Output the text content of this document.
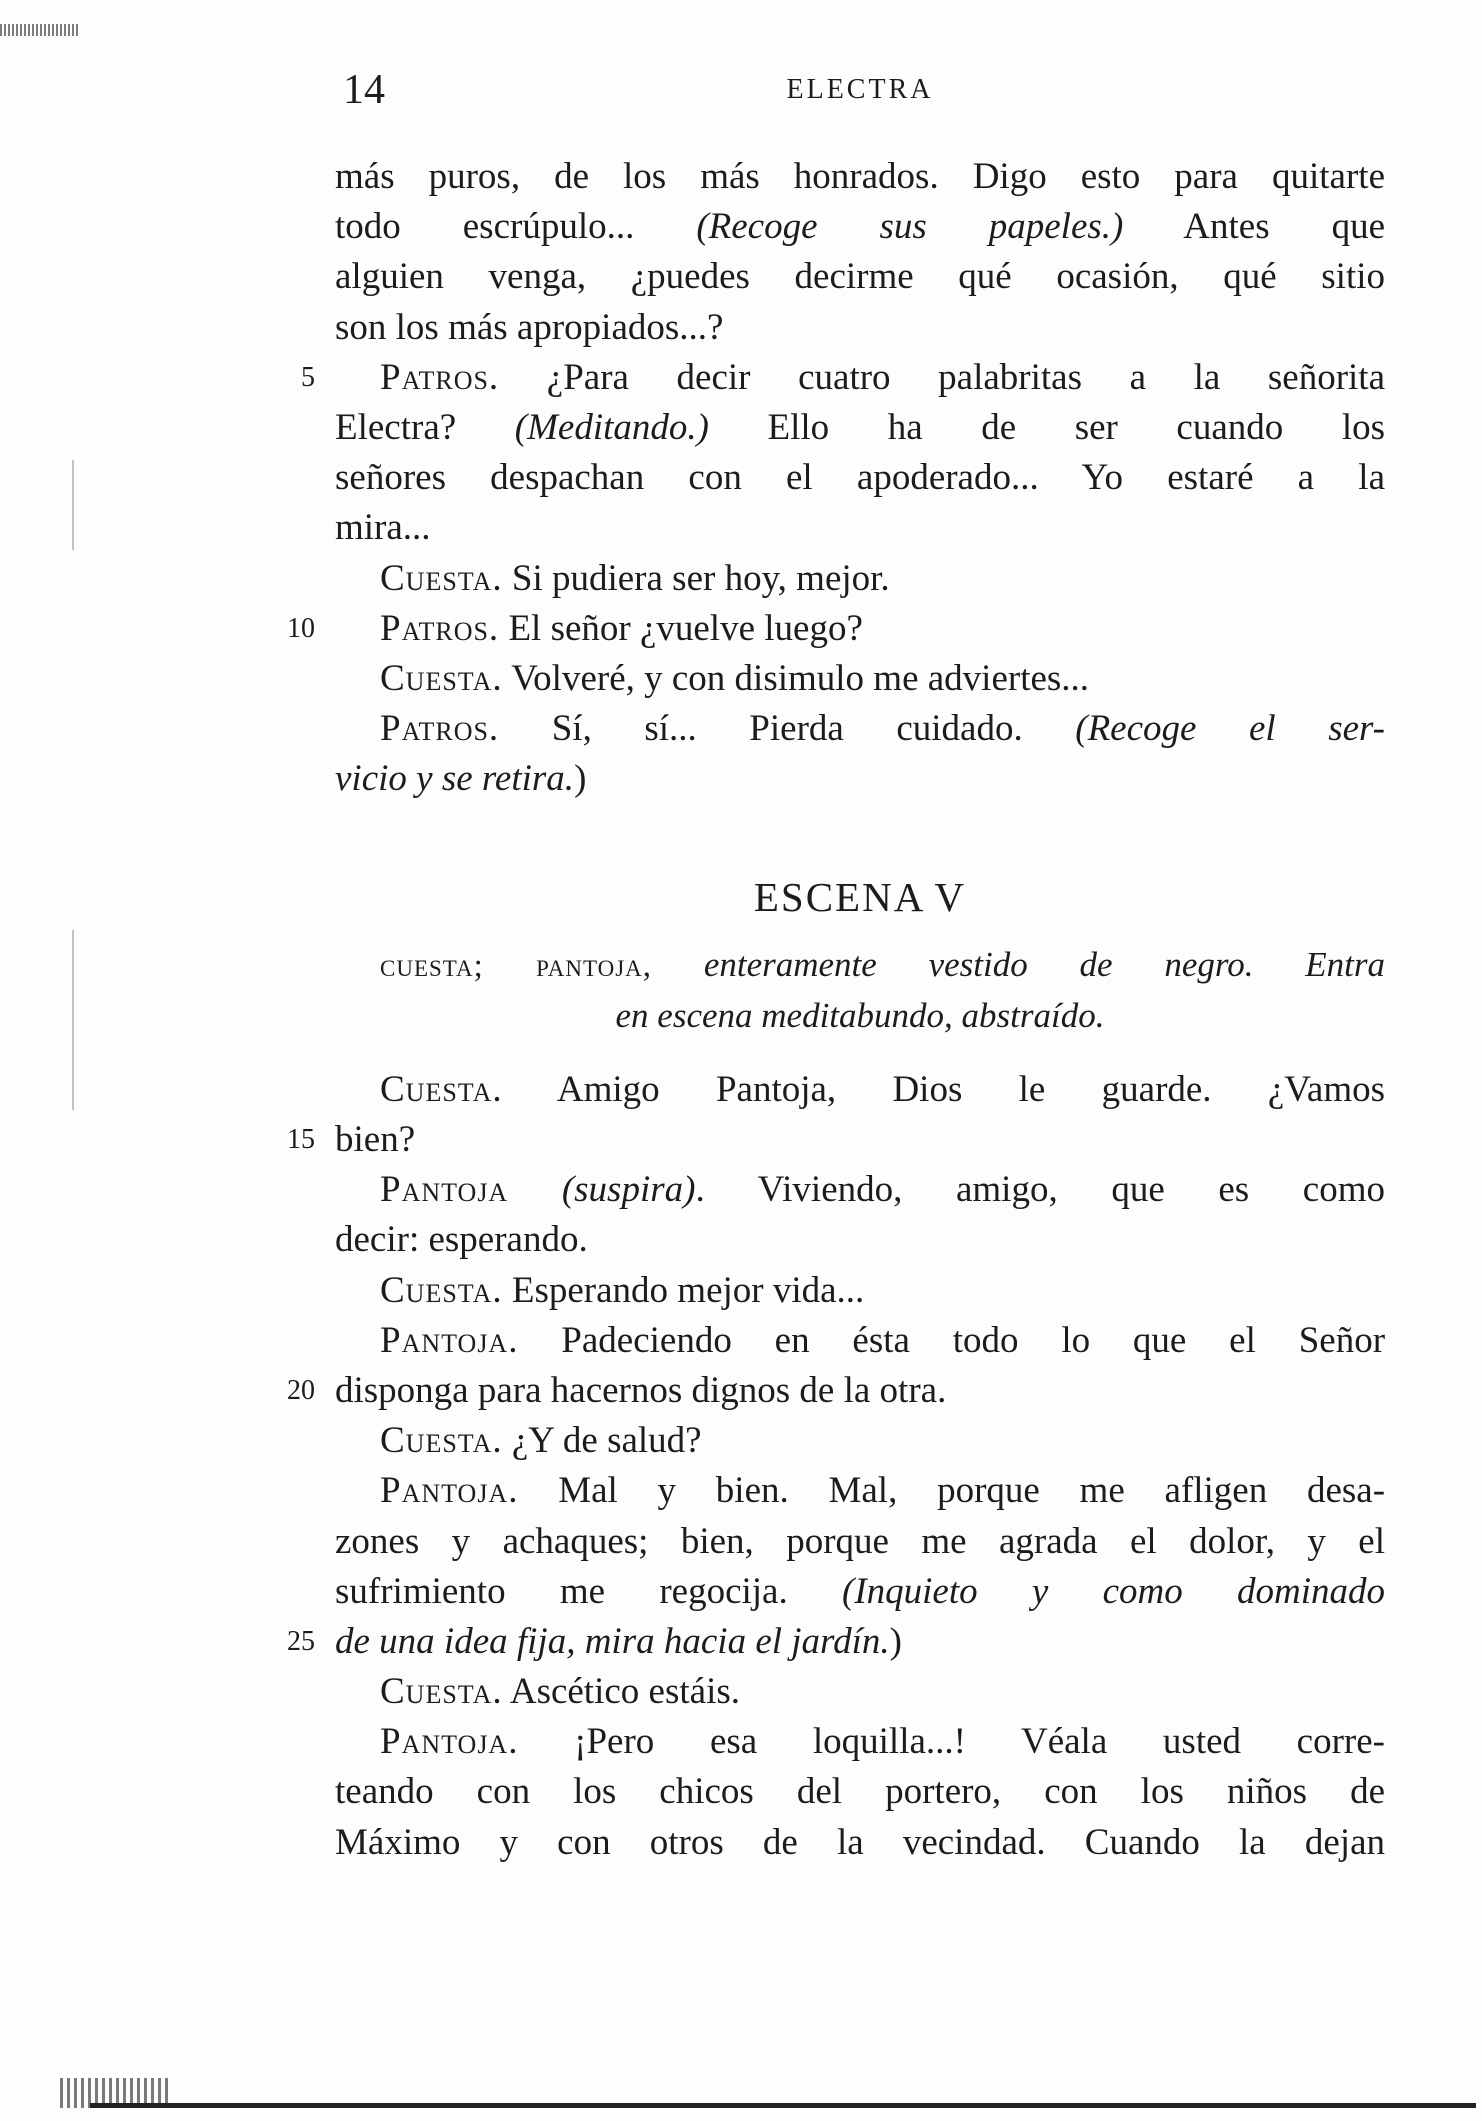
14	ELECTRA
más puros, de los más honrados. Digo esto para quitarte
todo escrúpulo... (Recoge sus papeles.) Antes que
alguien venga, ¿puedes decirme qué ocasión, qué sitio
son los más apropiados...?
5	Patros. ¿Para decir cuatro palabritas a la señorita
Electra? (Meditando.) Ello ha de ser cuando los
señores despachan con el apoderado... Yo estaré a la
mira...
Cuesta. Si pudiera ser hoy, mejor.
10	Patros. El señor ¿vuelve luego?
Cuesta. Volveré, y con disimulo me adviertes...
Patros. Sí, sí... Pierda cuidado. (Recoge el ser-
vicio y se retira.)
ESCENA V
cuesta; pantoja, enteramente vestido de negro. Entra
en escena meditabundo, abstraído.
Cuesta. Amigo Pantoja, Dios le guarde. ¿Vamos
15 bien?
Pantoja (suspira). Viviendo, amigo, que es como
decir: esperando.
Cuesta. Esperando mejor vida...
Pantoja. Padeciendo en ésta todo lo que el Señor
20 disponga para hacernos dignos de la otra.
Cuesta. ¿Y de salud?
Pantoja. Mal y bien. Mal, porque me afligen desa-
zones y achaques; bien, porque me agrada el dolor, y el
sufrimiento me regocija. (Inquieto y como dominado
25 de una idea fija, mira hacia el jardín.)
Cuesta. Ascético estáis.
Pantoja. ¡Pero esa loquilla...! Véala usted corre-
teando con los chicos del portero, con los niños de
Máximo y con otros de la vecindad. Cuando la dejan
